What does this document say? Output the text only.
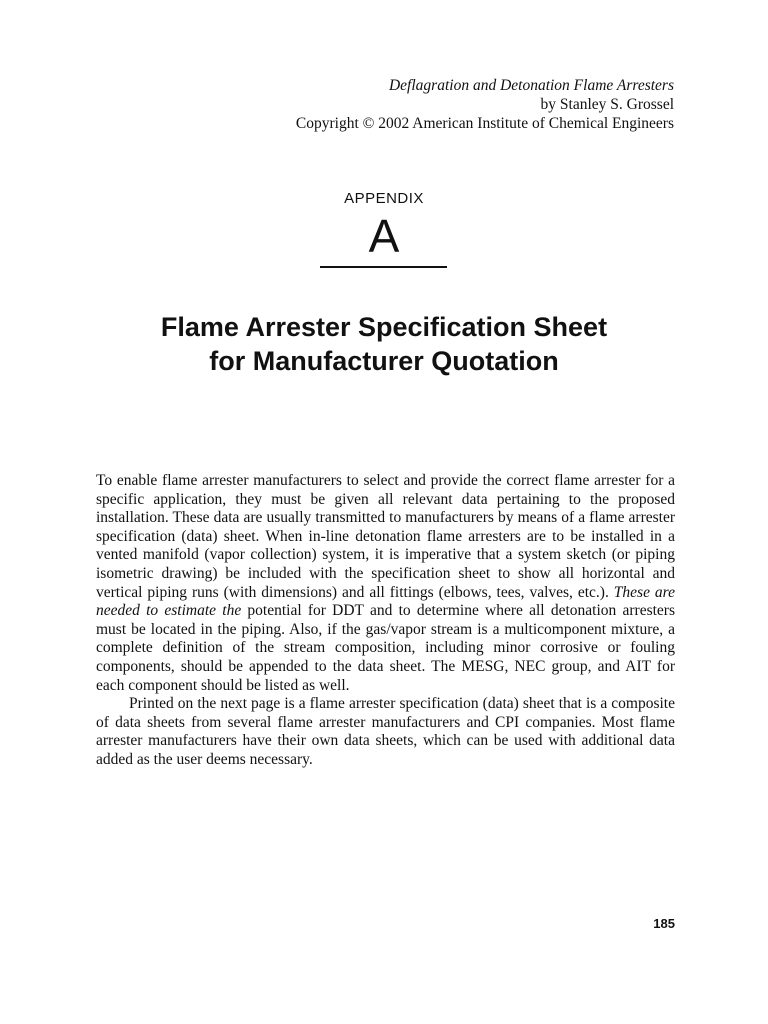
Deflagration and Detonation Flame Arresters
by Stanley S. Grossel
Copyright © 2002 American Institute of Chemical Engineers
APPENDIX
A
Flame Arrester Specification Sheet
for Manufacturer Quotation

To enable flame arrester manufacturers to select and provide the correct flame arrester for a specific application, they must be given all relevant data pertaining to the proposed installation. These data are usually transmitted to manufacturers by means of a flame arrester specification (data) sheet. When in-line detonation flame arresters are to be installed in a vented manifold (vapor collection) system, it is imperative that a system sketch (or piping isometric drawing) be included with the specification sheet to show all horizontal and vertical piping runs (with dimensions) and all fittings (elbows, tees, valves, etc.). These are needed to estimate the potential for DDT and to determine where all detonation arresters must be located in the piping. Also, if the gas/vapor stream is a multicomponent mixture, a complete definition of the stream composition, including minor corrosive or fouling components, should be appended to the data sheet. The MESG, NEC group, and AIT for each component should be listed as well.

Printed on the next page is a flame arrester specification (data) sheet that is a composite of data sheets from several flame arrester manufacturers and CPI companies. Most flame arrester manufacturers have their own data sheets, which can be used with additional data added as the user deems necessary.

185
